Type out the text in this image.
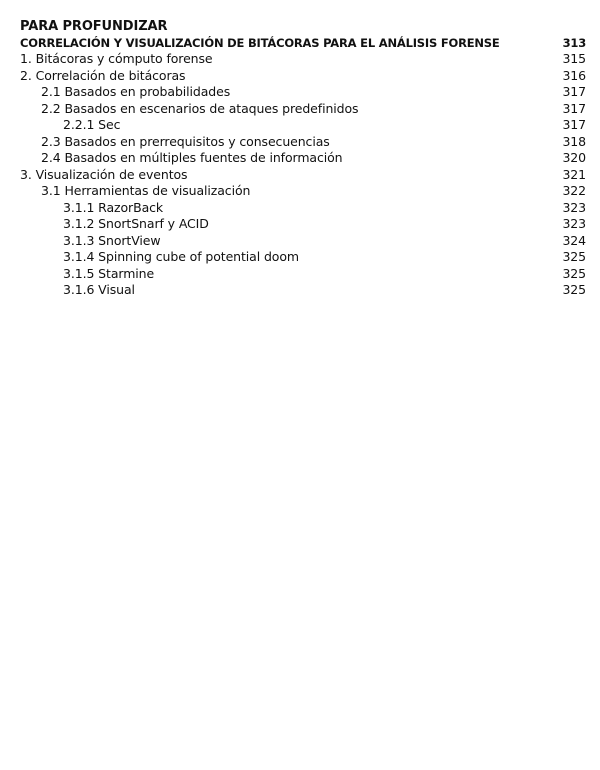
PARA PROFUNDIZAR
CORRELACIÓN Y VISUALIZACIÓN DE BITÁCORAS PARA EL ANÁLISIS FORENSE	313
1. Bitácoras y cómputo forense	315
2. Correlación de bitácoras	316
2.1 Basados en probabilidades	317
2.2 Basados en escenarios de ataques predefinidos	317
2.2.1 Sec	317
2.3 Basados en prerrequisitos y consecuencias	318
2.4 Basados en múltiples fuentes de información	320
3. Visualización de eventos	321
3.1 Herramientas de visualización	322
3.1.1 RazorBack	323
3.1.2 SnortSnarf y ACID	323
3.1.3 SnortView	324
3.1.4 Spinning cube of potential doom	325
3.1.5 Starmine	325
3.1.6 Visual	325
